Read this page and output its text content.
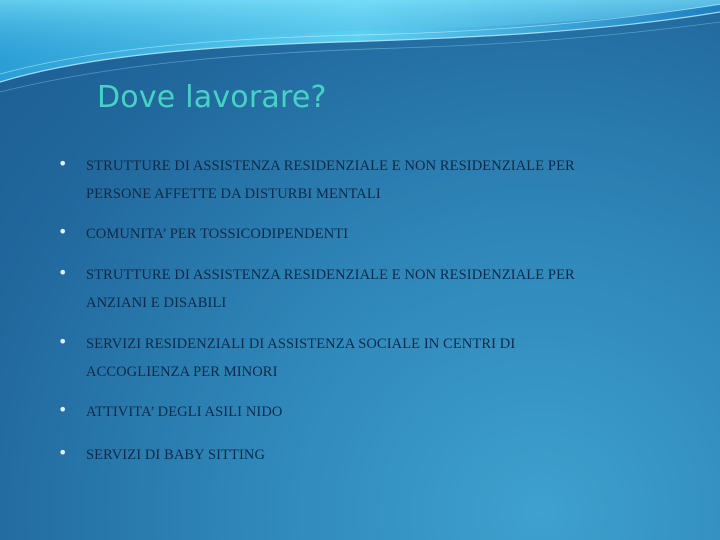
Dove lavorare?
•	STRUTTURE DI ASSISTENZA RESIDENZIALE E NON RESIDENZIALE PER
PERSONE AFFETTE DA DISTURBI MENTALI
•	COMUNITA’ PER TOSSICODIPENDENTI
•	STRUTTURE DI ASSISTENZA RESIDENZIALE E NON RESIDENZIALE PER
ANZIANI E DISABILI
•	SERVIZI RESIDENZIALI DI ASSISTENZA SOCIALE IN CENTRI DI
ACCOGLIENZA PER MINORI
•	ATTIVITA’ DEGLI ASILI NIDO
•	SERVIZI DI BABY SITTING
